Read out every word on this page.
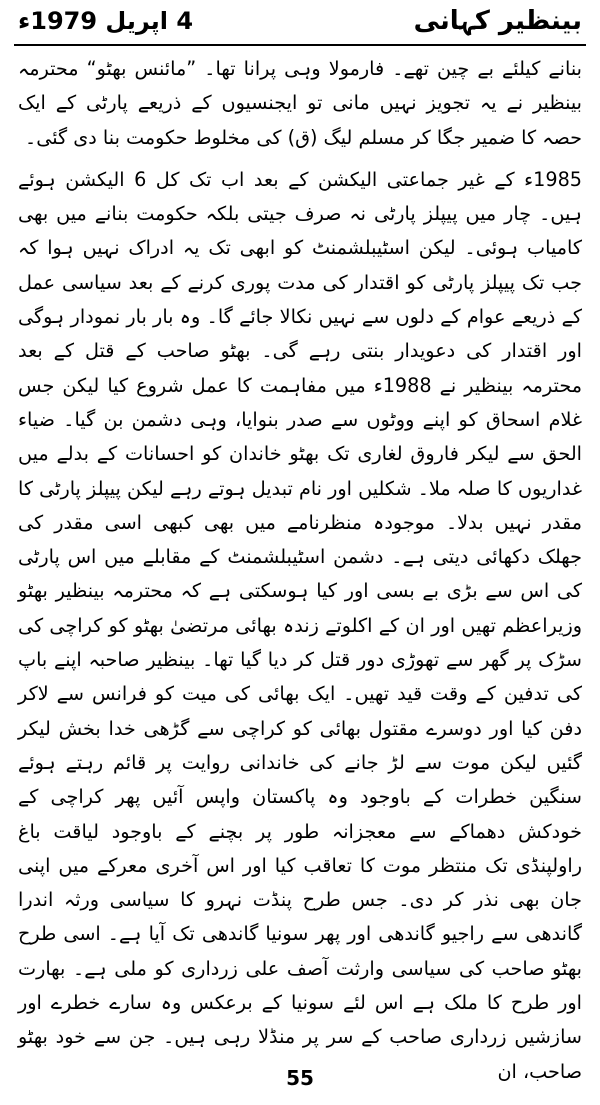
بینظیر کہانی
4 اپریل 1979ء

بنانے کیلئے بے چین تھے۔ فارمولا وہی پرانا تھا۔ ”مائنس بھٹو“ محترمہ بینظیر نے یہ تجویز نہیں مانی تو ایجنسیوں کے ذریعے پارٹی کے ایک حصہ کا ضمیر جگا کر مسلم لیگ (ق) کی مخلوط حکومت بنا دی گئی۔

1985ء کے غیر جماعتی الیکشن کے بعد اب تک کل 6 الیکشن ہوئے ہیں۔ چار میں پیپلز پارٹی نہ صرف جیتی بلکہ حکومت بنانے میں بھی کامیاب ہوئی۔ لیکن اسٹیبلشمنٹ کو ابھی تک یہ ادراک نہیں ہوا کہ جب تک پیپلز پارٹی کو اقتدار کی مدت پوری کرنے کے بعد سیاسی عمل کے ذریعے عوام کے دلوں سے نہیں نکالا جائے گا۔ وہ بار بار نمودار ہوگی اور اقتدار کی دعویدار بنتی رہے گی۔ بھٹو صاحب کے قتل کے بعد محترمہ بینظیر نے 1988ء میں مفاہمت کا عمل شروع کیا لیکن جس غلام اسحاق کو اپنے ووٹوں سے صدر بنوایا، وہی دشمن بن گیا۔ ضیاء الحق سے لیکر فاروق لغاری تک بھٹو خاندان کو احسانات کے بدلے میں غداریوں کا صلہ ملا۔ شکلیں اور نام تبدیل ہوتے رہے لیکن پیپلز پارٹی کا مقدر نہیں بدلا۔ موجودہ منظرنامے میں بھی کبھی اسی مقدر کی جھلک دکھائی دیتی ہے۔ دشمن اسٹیبلشمنٹ کے مقابلے میں اس پارٹی کی اس سے بڑی بے بسی اور کیا ہوسکتی ہے کہ محترمہ بینظیر بھٹو وزیراعظم تھیں اور ان کے اکلوتے زندہ بھائی مرتضیٰ بھٹو کو کراچی کی سڑک پر گھر سے تھوڑی دور قتل کر دیا گیا تھا۔ بینظیر صاحبہ اپنے باپ کی تدفین کے وقت قید تھیں۔ ایک بھائی کی میت کو فرانس سے لاکر دفن کیا اور دوسرے مقتول بھائی کو کراچی سے گڑھی خدا بخش لیکر گئیں لیکن موت سے لڑ جانے کی خاندانی روایت پر قائم رہتے ہوئے سنگین خطرات کے باوجود وہ پاکستان واپس آئیں پھر کراچی کے خودکش دھماکے سے معجزانہ طور پر بچنے کے باوجود لیاقت باغ راولپنڈی تک منتظر موت کا تعاقب کیا اور اس آخری معرکے میں اپنی جان بھی نذر کر دی۔ جس طرح پنڈت نہرو کا سیاسی ورثہ اندرا گاندھی سے راجیو گاندھی اور پھر سونیا گاندھی تک آیا ہے۔ اسی طرح بھٹو صاحب کی سیاسی وارثت آصف علی زرداری کو ملی ہے۔ بھارت اور طرح کا ملک ہے اس لئے سونیا کے برعکس وہ سارے خطرے اور سازشیں زرداری صاحب کے سر پر منڈلا رہی ہیں۔ جن سے خود بھٹو صاحب، ان

55
